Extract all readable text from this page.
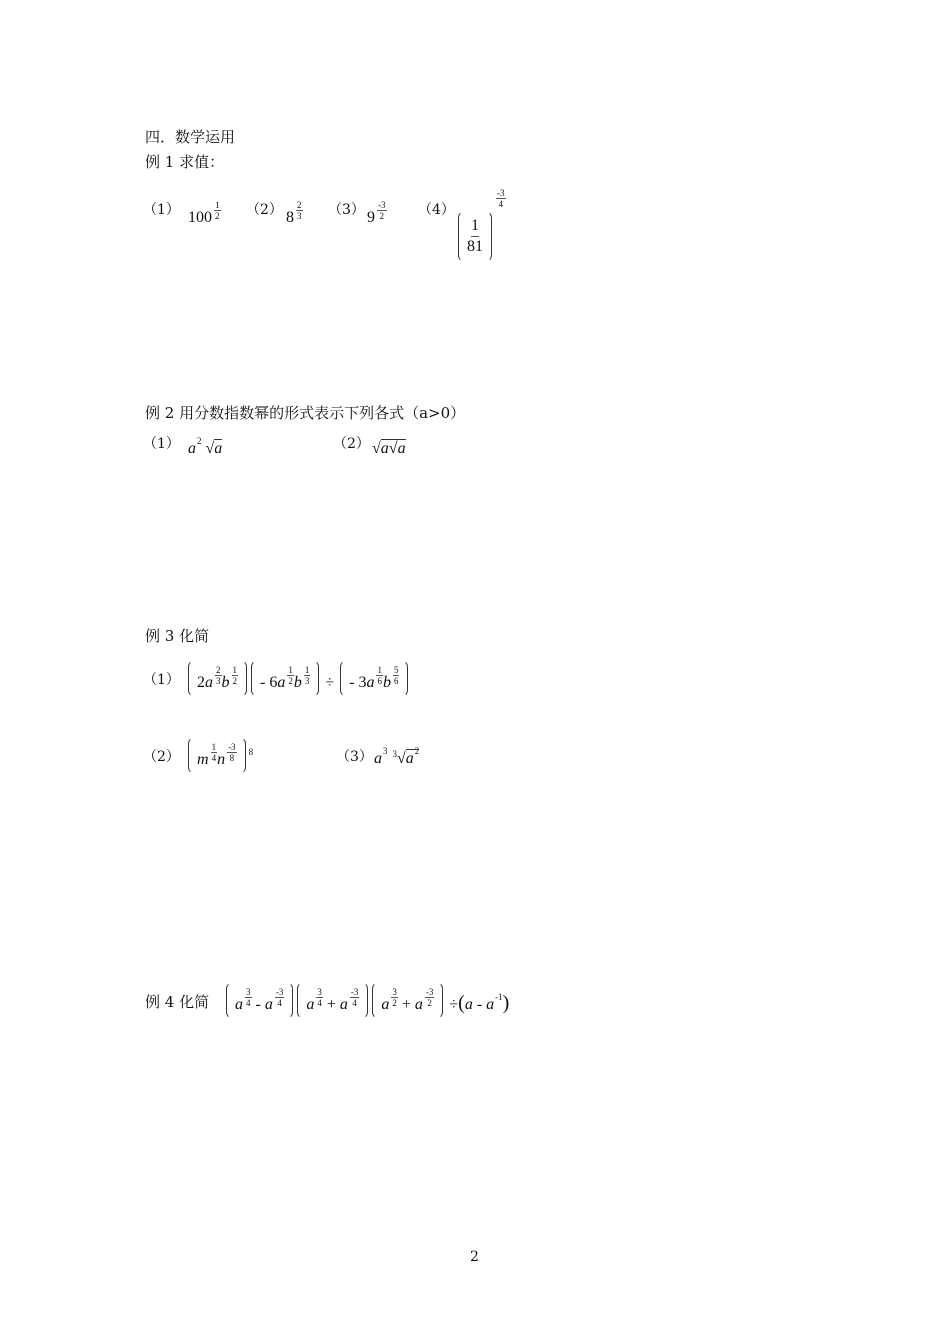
四．数学运用
例 1 求值：
（1） $100 \frac{1}{2} (2)$ $8 \frac{2}{3} (3)$ $9 \frac{-3}{2} (4)$
$\frac{1}{81}$
$\frac{-3}{4}$
例 2 用分数指数幂的形式表示下列各式（a>0）
（1） $a^2$ √a	（2） √a√a
例 3 化简
（1）	$2a \frac{2}{3}$ b $\frac{1}{2} - 6a \frac{1}{2}$ b $\frac{1}{3}$ ÷ - $3a \frac{1}{6}$ b $\frac{5}{6}$
（2）	m $\frac{1}{4}$ n $\frac{-3}{8} ^8$	（3） $a^3$ $^3√a^2$
例 4 化简	a $\frac{3}{4}$ - a $\frac{-3}{4}$ a $\frac{3}{4} + a \frac{-3}{4}$ a $\frac{3}{2} + a \frac{-3}{2} \div(a - a^{-1})$
2
